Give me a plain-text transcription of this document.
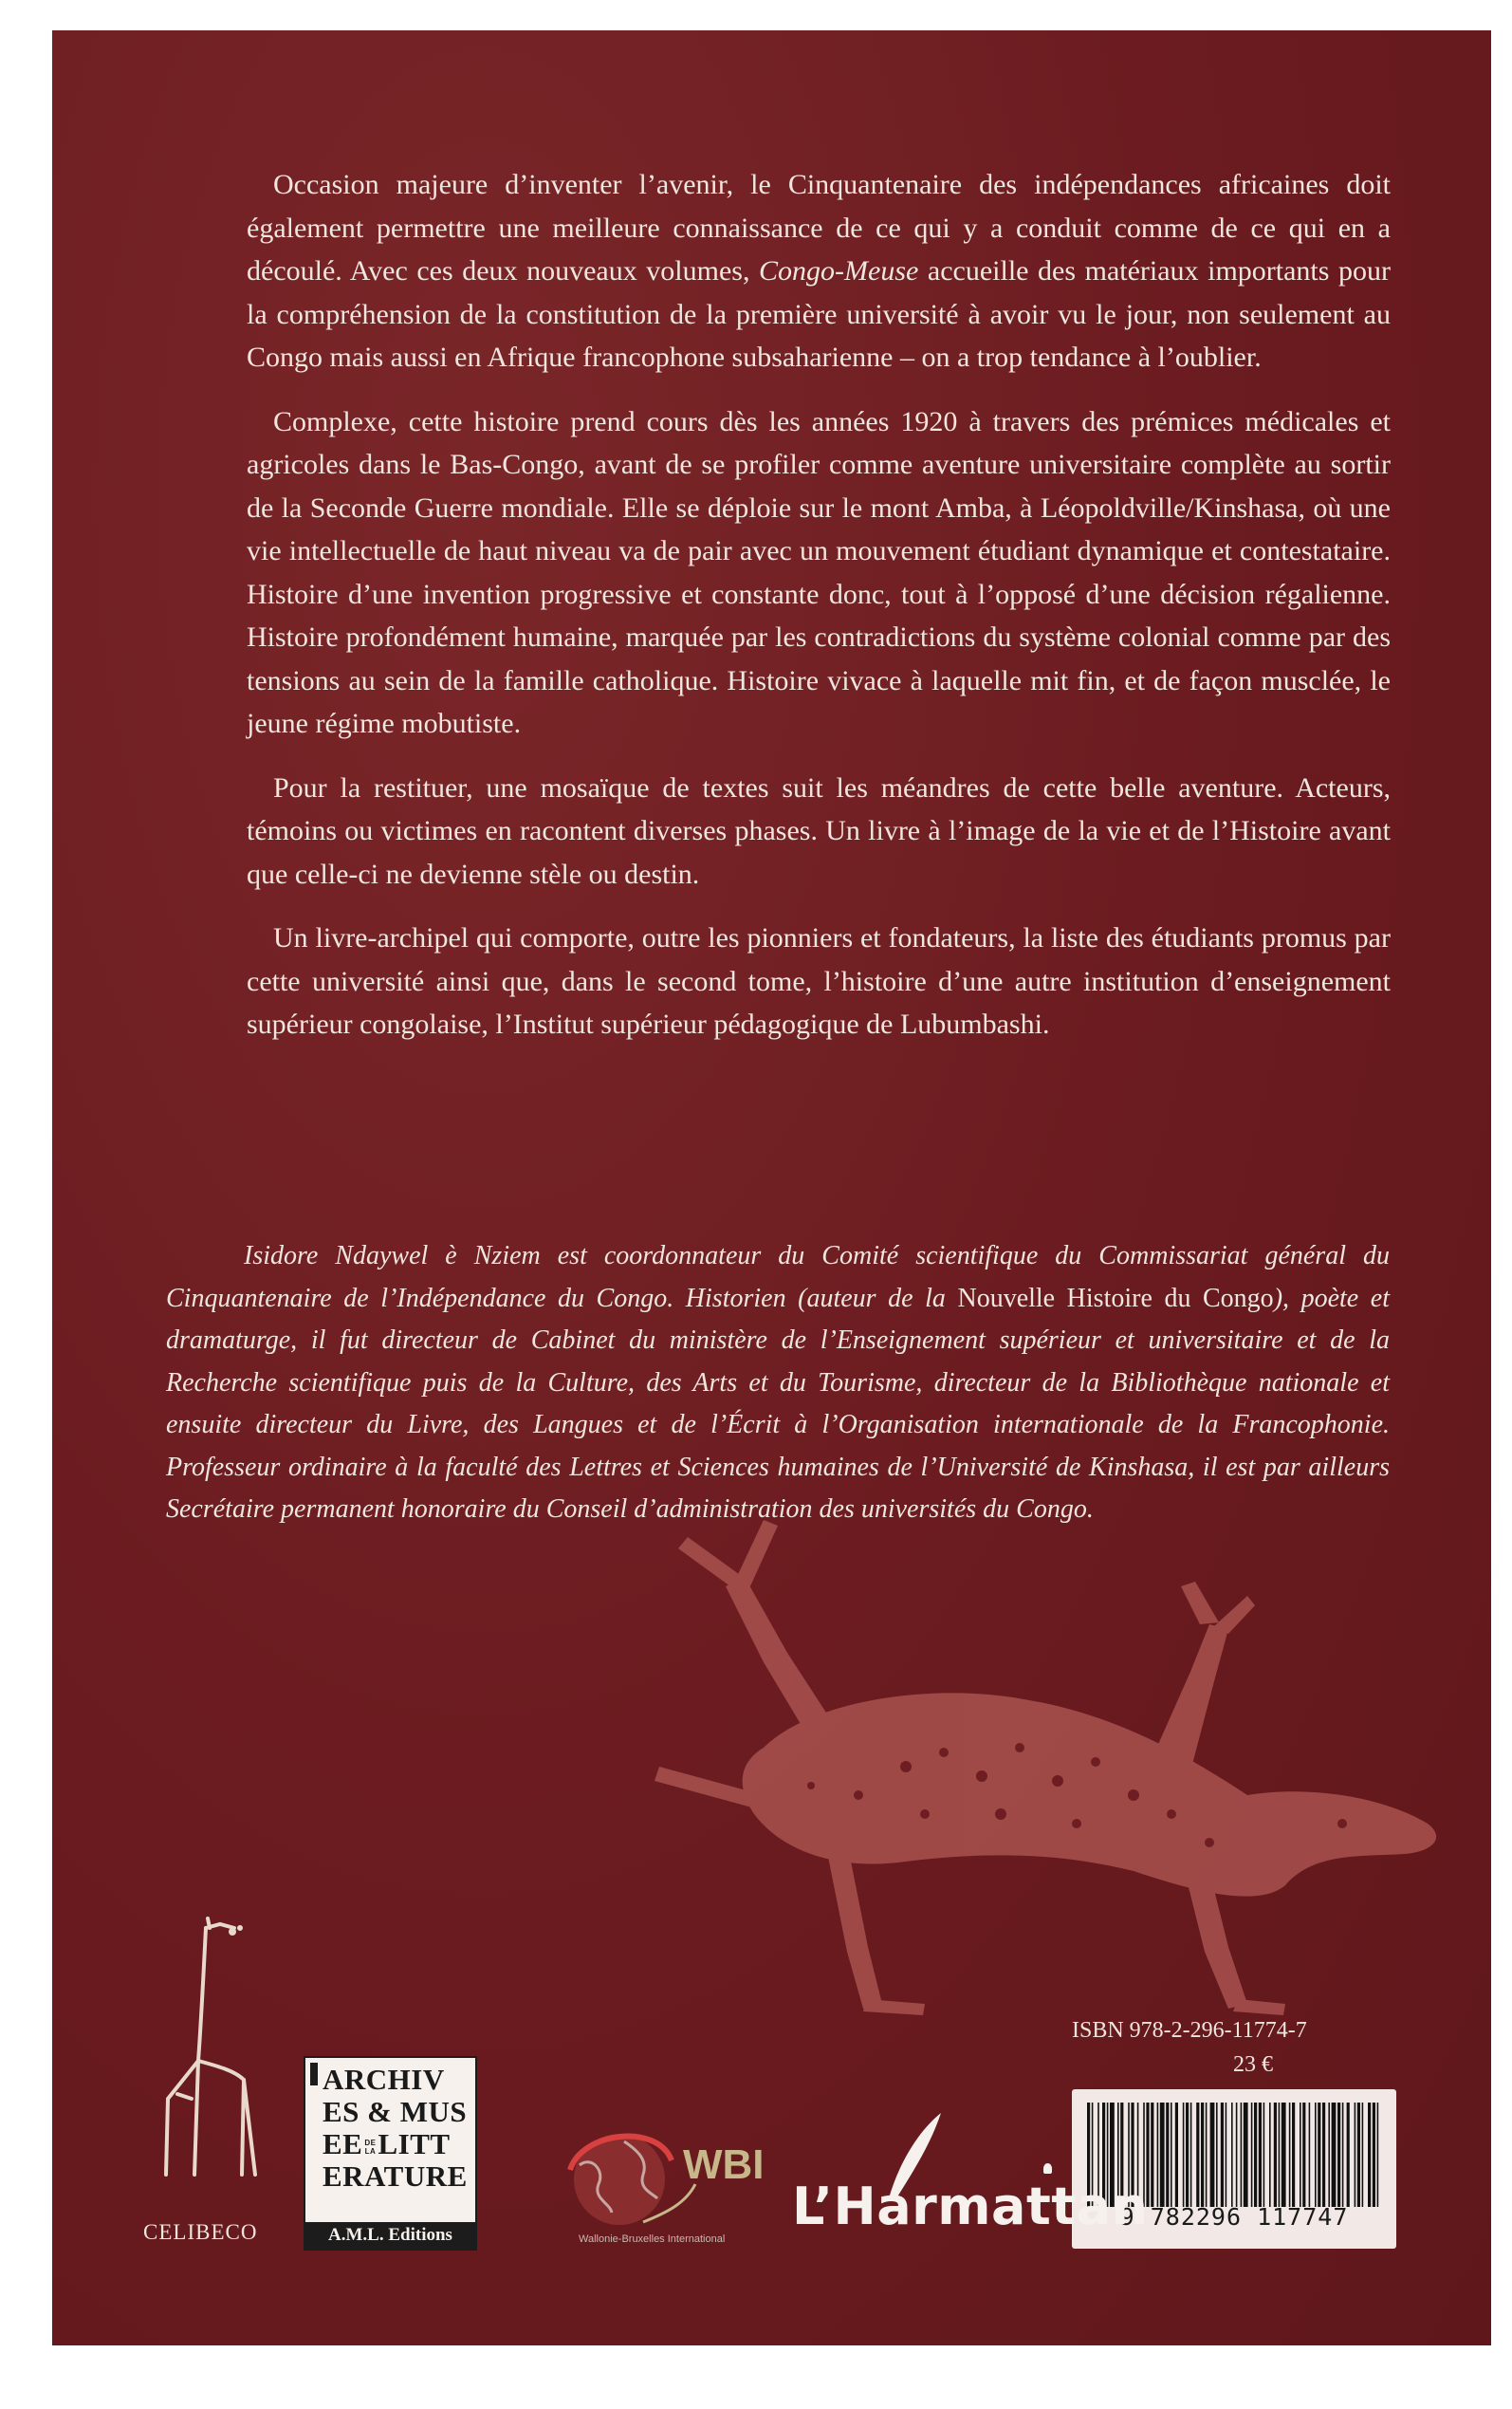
Occasion majeure d’inventer l’avenir, le Cinquantenaire des indépendances africaines doit également permettre une meilleure connaissance de ce qui y a conduit comme de ce qui en a découlé. Avec ces deux nouveaux volumes, Congo-Meuse accueille des matériaux importants pour la compréhension de la constitution de la première université à avoir vu le jour, non seulement au Congo mais aussi en Afrique francophone subsaharienne – on a trop tendance à l’oublier.

Complexe, cette histoire prend cours dès les années 1920 à travers des prémices médicales et agricoles dans le Bas-Congo, avant de se profiler comme aventure universitaire complète au sortir de la Seconde Guerre mondiale. Elle se déploie sur le mont Amba, à Léopoldville/Kinshasa, où une vie intellectuelle de haut niveau va de pair avec un mouvement étudiant dynamique et contestataire. Histoire d’une invention progressive et constante donc, tout à l’opposé d’une décision régalienne. Histoire profondément humaine, marquée par les contradictions du système colonial comme par des tensions au sein de la famille catholique. Histoire vivace à laquelle mit fin, et de façon musclée, le jeune régime mobutiste.

Pour la restituer, une mosaïque de textes suit les méandres de cette belle aventure. Acteurs, témoins ou victimes en racontent diverses phases. Un livre à l’image de la vie et de l’Histoire avant que celle-ci ne devienne stèle ou destin.

Un livre-archipel qui comporte, outre les pionniers et fondateurs, la liste des étudiants promus par cette université ainsi que, dans le second tome, l’histoire d’une autre institution d’enseignement supérieur congolaise, l’Institut supérieur pédagogique de Lubumbashi.

Isidore Ndaywel è Nziem est coordonnateur du Comité scientifique du Commissariat général du Cinquantenaire de l’Indépendance du Congo. Historien (auteur de la Nouvelle Histoire du Congo), poète et dramaturge, il fut directeur de Cabinet du ministère de l’Enseignement supérieur et universitaire et de la Recherche scientifique puis de la Culture, des Arts et du Tourisme, directeur de la Bibliothèque nationale et ensuite directeur du Livre, des Langues et de l’Écrit à l’Organisation internationale de la Francophonie. Professeur ordinaire à la faculté des Lettres et Sciences humaines de l’Université de Kinshasa, il est par ailleurs Secrétaire permanent honoraire du Conseil d’administration des universités du Congo.
ISBN 978-2-296-11774-7
23 €
9 782296 117747
CELIBECO
ARCHIV
ES & MUS
EE DE
LALITT
ERATURE
A.M.L. Editions
WBI
Wallonie-Bruxelles International
L’Harmattan
